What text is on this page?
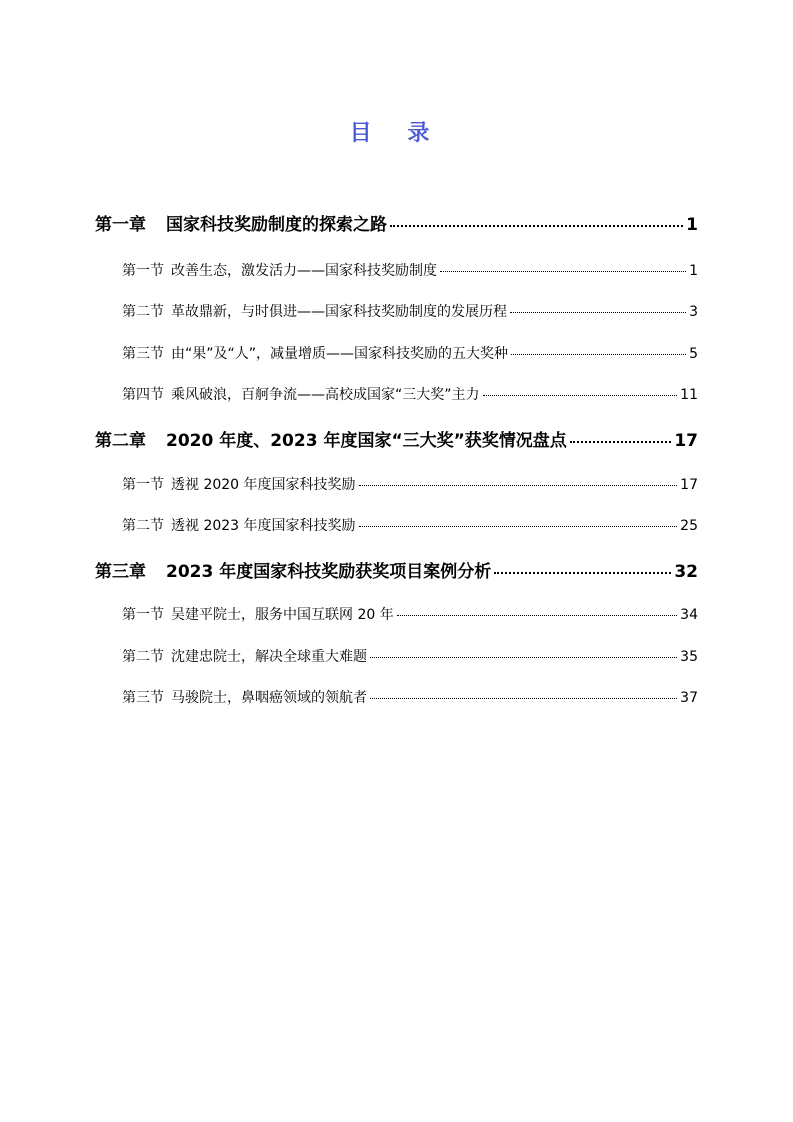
目 录
第一章 国家科技奖励制度的探索之路	1
第一节 改善生态，激发活力——国家科技奖励制度	1
第二节 革故鼎新，与时俱进——国家科技奖励制度的发展历程	3
第三节 由“果”及“人”，减量增质——国家科技奖励的五大奖种	5
第四节 乘风破浪，百舸争流——高校成国家“三大奖”主力	11
第二章 2020 年度、2023 年度国家“三大奖”获奖情况盘点	17
第一节 透视 2020 年度国家科技奖励	17
第二节 透视 2023 年度国家科技奖励	25
第三章 2023 年度国家科技奖励获奖项目案例分析	32
第一节 吴建平院士，服务中国互联网 20 年	34
第二节 沈建忠院士，解决全球重大难题	35
第三节 马骏院士，鼻咽癌领域的领航者	37
